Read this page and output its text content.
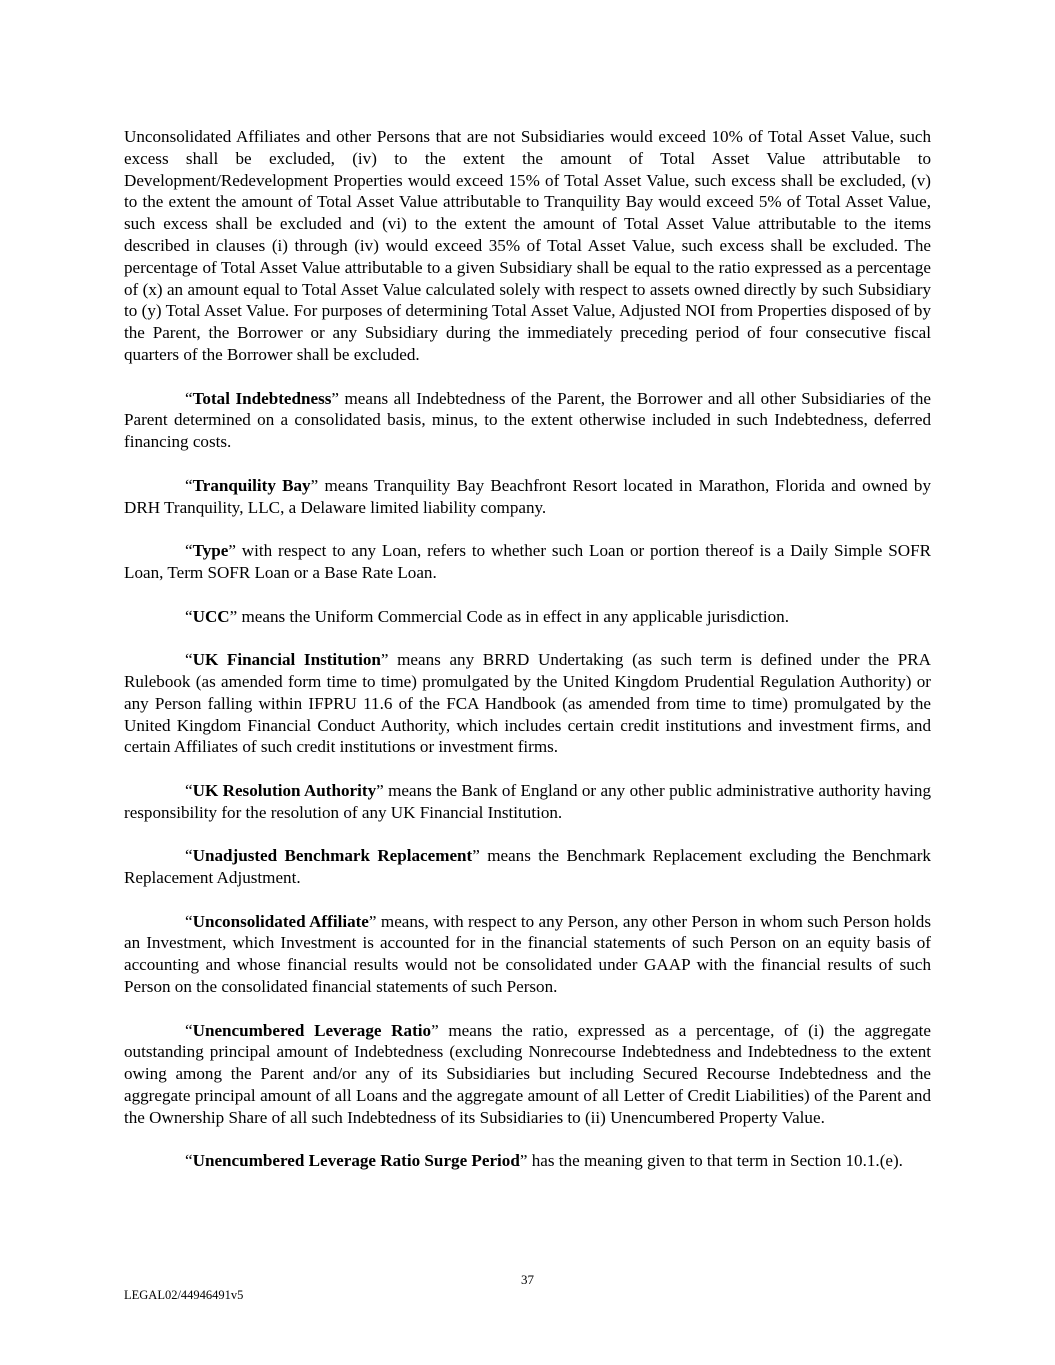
Unconsolidated Affiliates and other Persons that are not Subsidiaries would exceed 10% of Total Asset Value, such excess shall be excluded, (iv) to the extent the amount of Total Asset Value attributable to Development/Redevelopment Properties would exceed 15% of Total Asset Value, such excess shall be excluded, (v) to the extent the amount of Total Asset Value attributable to Tranquility Bay would exceed 5% of Total Asset Value, such excess shall be excluded and (vi) to the extent the amount of Total Asset Value attributable to the items described in clauses (i) through (iv) would exceed 35% of Total Asset Value, such excess shall be excluded. The percentage of Total Asset Value attributable to a given Subsidiary shall be equal to the ratio expressed as a percentage of (x) an amount equal to Total Asset Value calculated solely with respect to assets owned directly by such Subsidiary to (y) Total Asset Value. For purposes of determining Total Asset Value, Adjusted NOI from Properties disposed of by the Parent, the Borrower or any Subsidiary during the immediately preceding period of four consecutive fiscal quarters of the Borrower shall be excluded.

“Total Indebtedness” means all Indebtedness of the Parent, the Borrower and all other Subsidiaries of the Parent determined on a consolidated basis, minus, to the extent otherwise included in such Indebtedness, deferred financing costs.

“Tranquility Bay” means Tranquility Bay Beachfront Resort located in Marathon, Florida and owned by DRH Tranquility, LLC, a Delaware limited liability company.

“Type” with respect to any Loan, refers to whether such Loan or portion thereof is a Daily Simple SOFR Loan, Term SOFR Loan or a Base Rate Loan.

“UCC” means the Uniform Commercial Code as in effect in any applicable jurisdiction.

“UK Financial Institution” means any BRRD Undertaking (as such term is defined under the PRA Rulebook (as amended form time to time) promulgated by the United Kingdom Prudential Regulation Authority) or any Person falling within IFPRU 11.6 of the FCA Handbook (as amended from time to time) promulgated by the United Kingdom Financial Conduct Authority, which includes certain credit institutions and investment firms, and certain Affiliates of such credit institutions or investment firms.

“UK Resolution Authority” means the Bank of England or any other public administrative authority having responsibility for the resolution of any UK Financial Institution.

“Unadjusted Benchmark Replacement” means the Benchmark Replacement excluding the Benchmark Replacement Adjustment.

“Unconsolidated Affiliate” means, with respect to any Person, any other Person in whom such Person holds an Investment, which Investment is accounted for in the financial statements of such Person on an equity basis of accounting and whose financial results would not be consolidated under GAAP with the financial results of such Person on the consolidated financial statements of such Person.

“Unencumbered Leverage Ratio” means the ratio, expressed as a percentage, of (i) the aggregate outstanding principal amount of Indebtedness (excluding Nonrecourse Indebtedness and Indebtedness to the extent owing among the Parent and/or any of its Subsidiaries but including Secured Recourse Indebtedness and the aggregate principal amount of all Loans and the aggregate amount of all Letter of Credit Liabilities) of the Parent and the Ownership Share of all such Indebtedness of its Subsidiaries to (ii) Unencumbered Property Value.

“Unencumbered Leverage Ratio Surge Period” has the meaning given to that term in Section 10.1.(e).

37
LEGAL02/44946491v5
